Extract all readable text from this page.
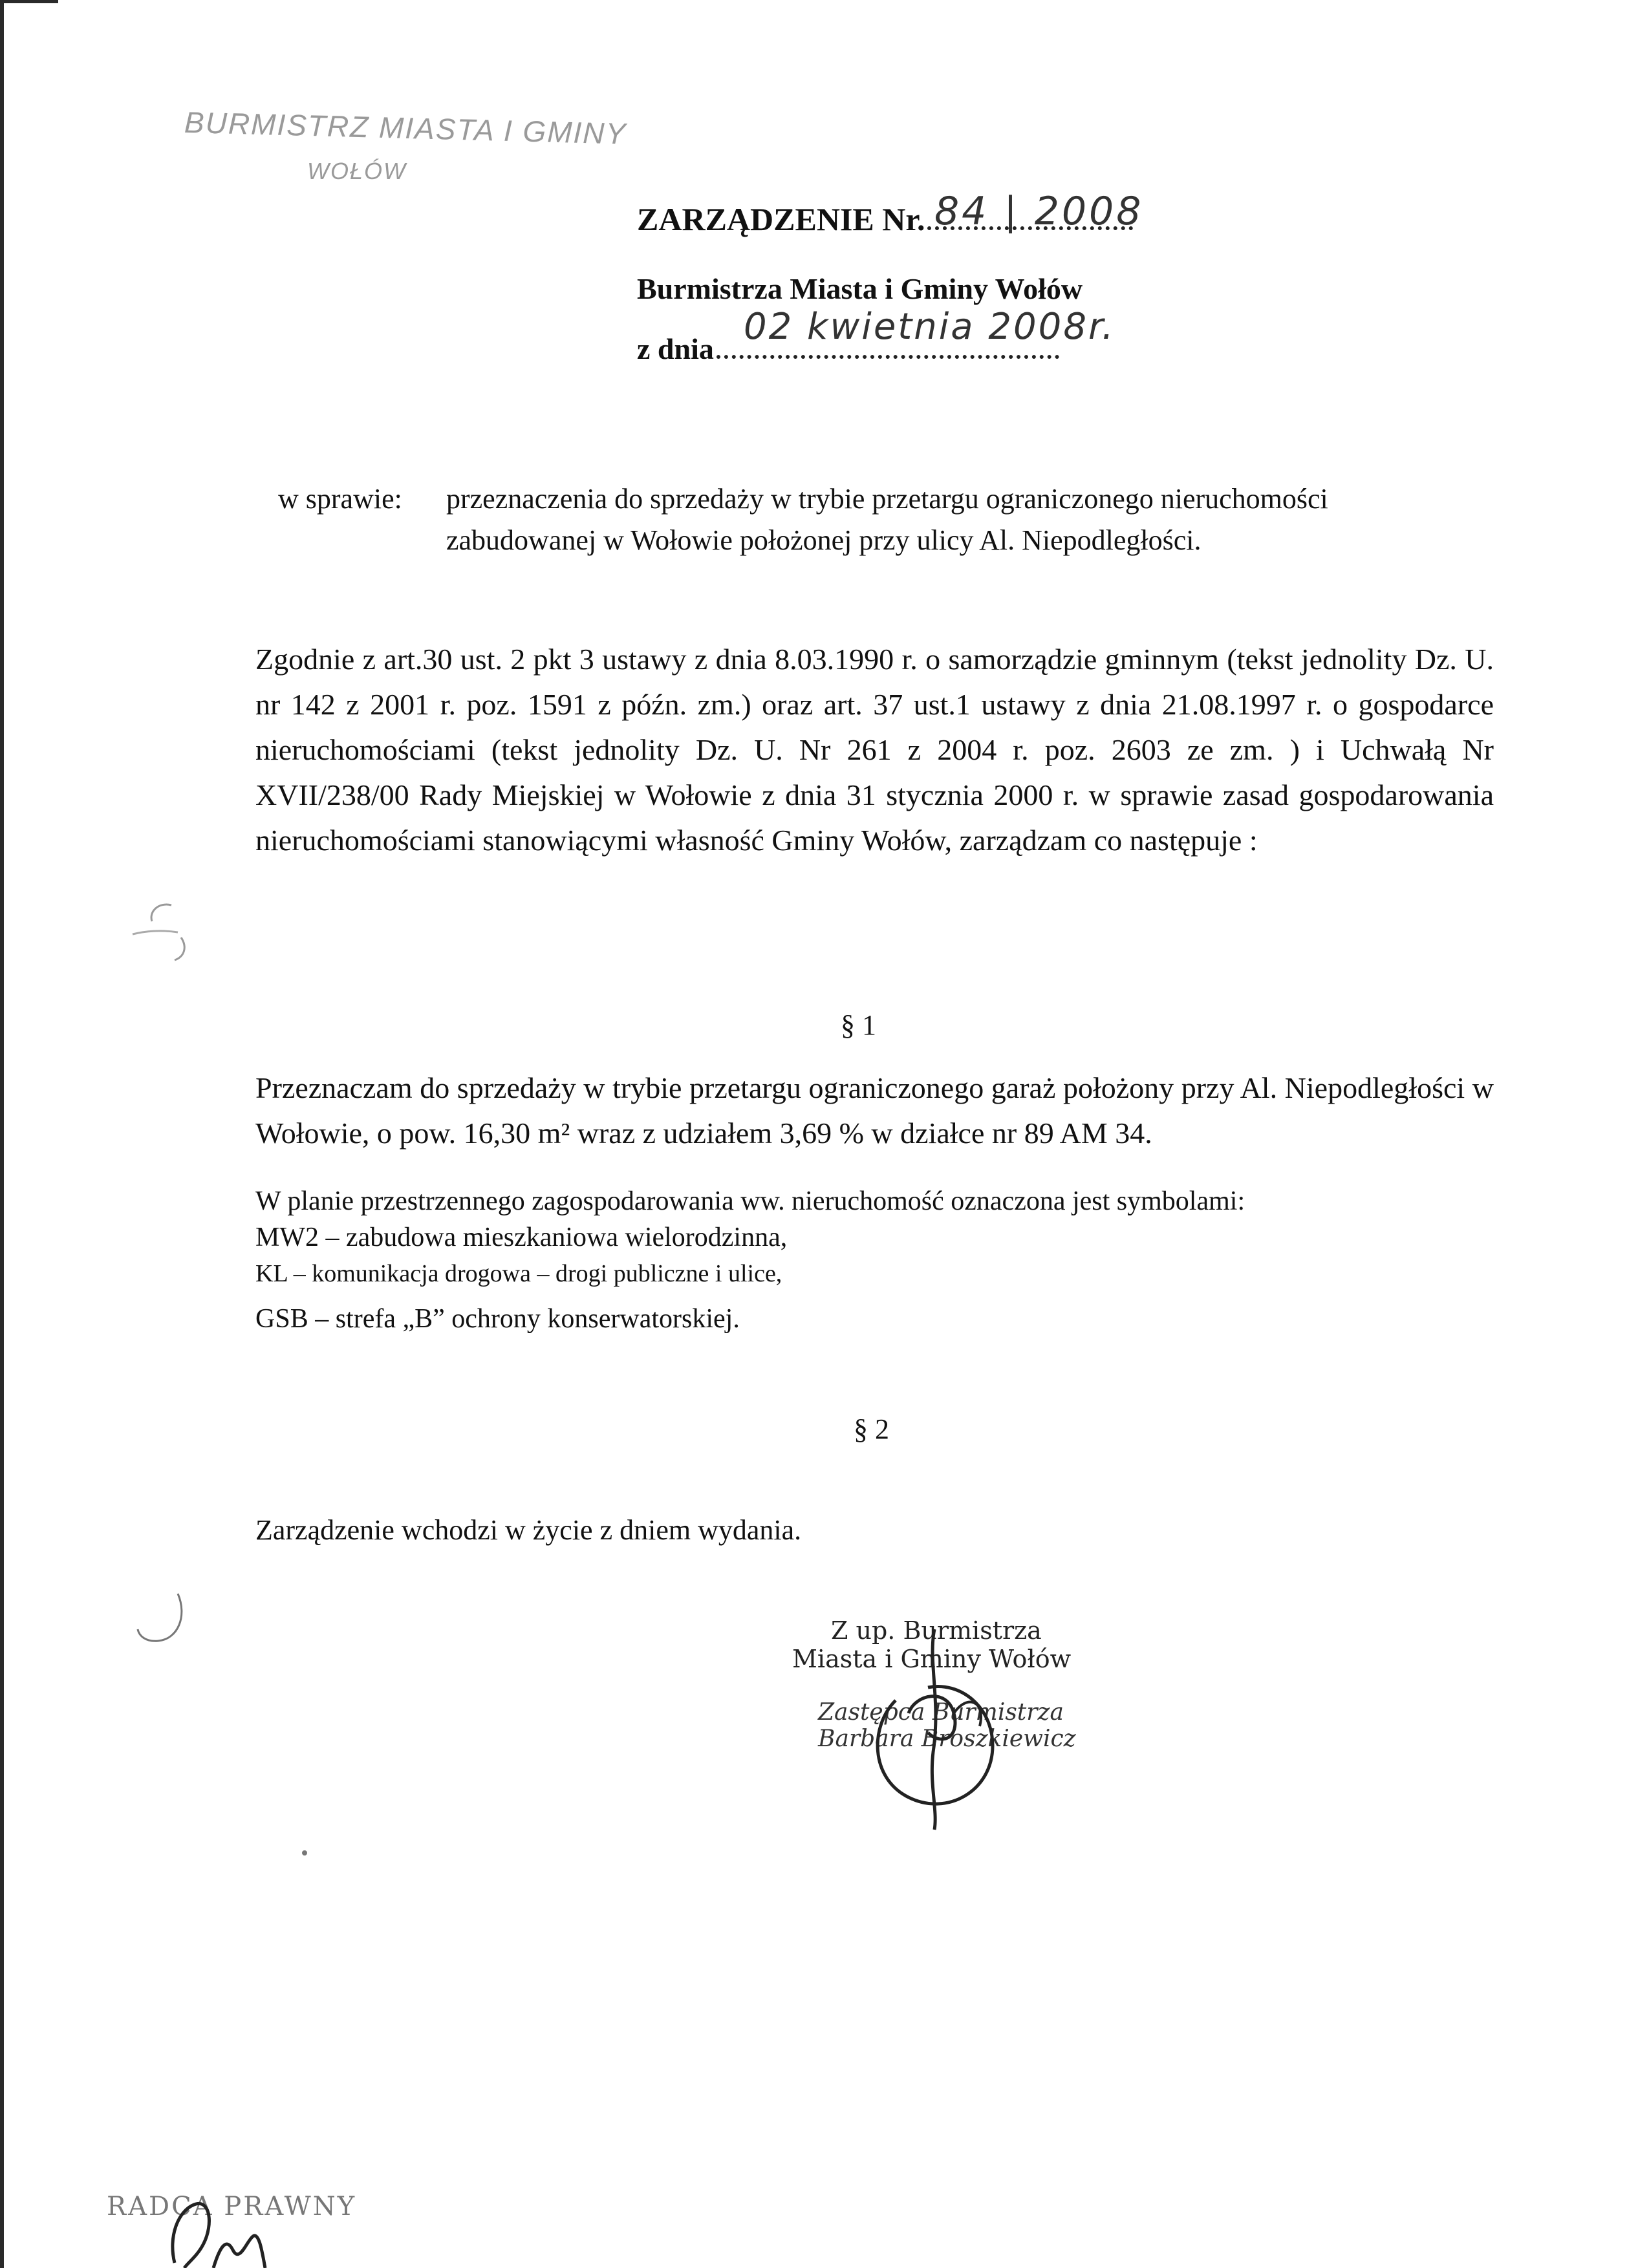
BURMISTRZ MIASTA I GMINY
WOŁÓW
ZARZĄDZENIE Nr. 84 | 2008
Burmistrza Miasta i Gminy Wołów
z dnia
02 kwietnia 2008r.
w sprawie:	przeznaczenia do sprzedaży w trybie przetargu ograniczonego nieruchomości zabudowanej w Wołowie położonej przy ulicy Al. Niepodległości.
Zgodnie z art.30 ust. 2 pkt 3 ustawy z dnia 8.03.1990 r. o samorządzie gminnym (tekst jednolity Dz. U. nr 142 z 2001 r. poz. 1591 z późn. zm.) oraz art. 37 ust.1 ustawy z dnia 21.08.1997 r. o gospodarce nieruchomościami (tekst jednolity Dz. U. Nr 261 z 2004 r. poz. 2603 ze zm. ) i Uchwałą Nr XVII/238/00 Rady Miejskiej w Wołowie z dnia 31 stycznia 2000 r. w sprawie zasad gospodarowania nieruchomościami stanowiącymi własność Gminy Wołów, zarządzam co następuje :
§ 1
Przeznaczam do sprzedaży w trybie przetargu ograniczonego garaż położony przy Al. Niepodległości w Wołowie, o pow. 16,30 m² wraz z udziałem 3,69 % w działce nr 89 AM 34.
W planie przestrzennego zagospodarowania ww. nieruchomość oznaczona jest symbolami:
MW2 – zabudowa mieszkaniowa wielorodzinna,
KL – komunikacja drogowa – drogi publiczne i ulice,
GSB – strefa „B” ochrony konserwatorskiej.
§ 2
Zarządzenie wchodzi w życie z dniem wydania.
Z up. Burmistrza
Miasta i Gminy Wołów
Zastępca Burmistrza
Barbara Broszkiewicz
RADCA PRAWNY
